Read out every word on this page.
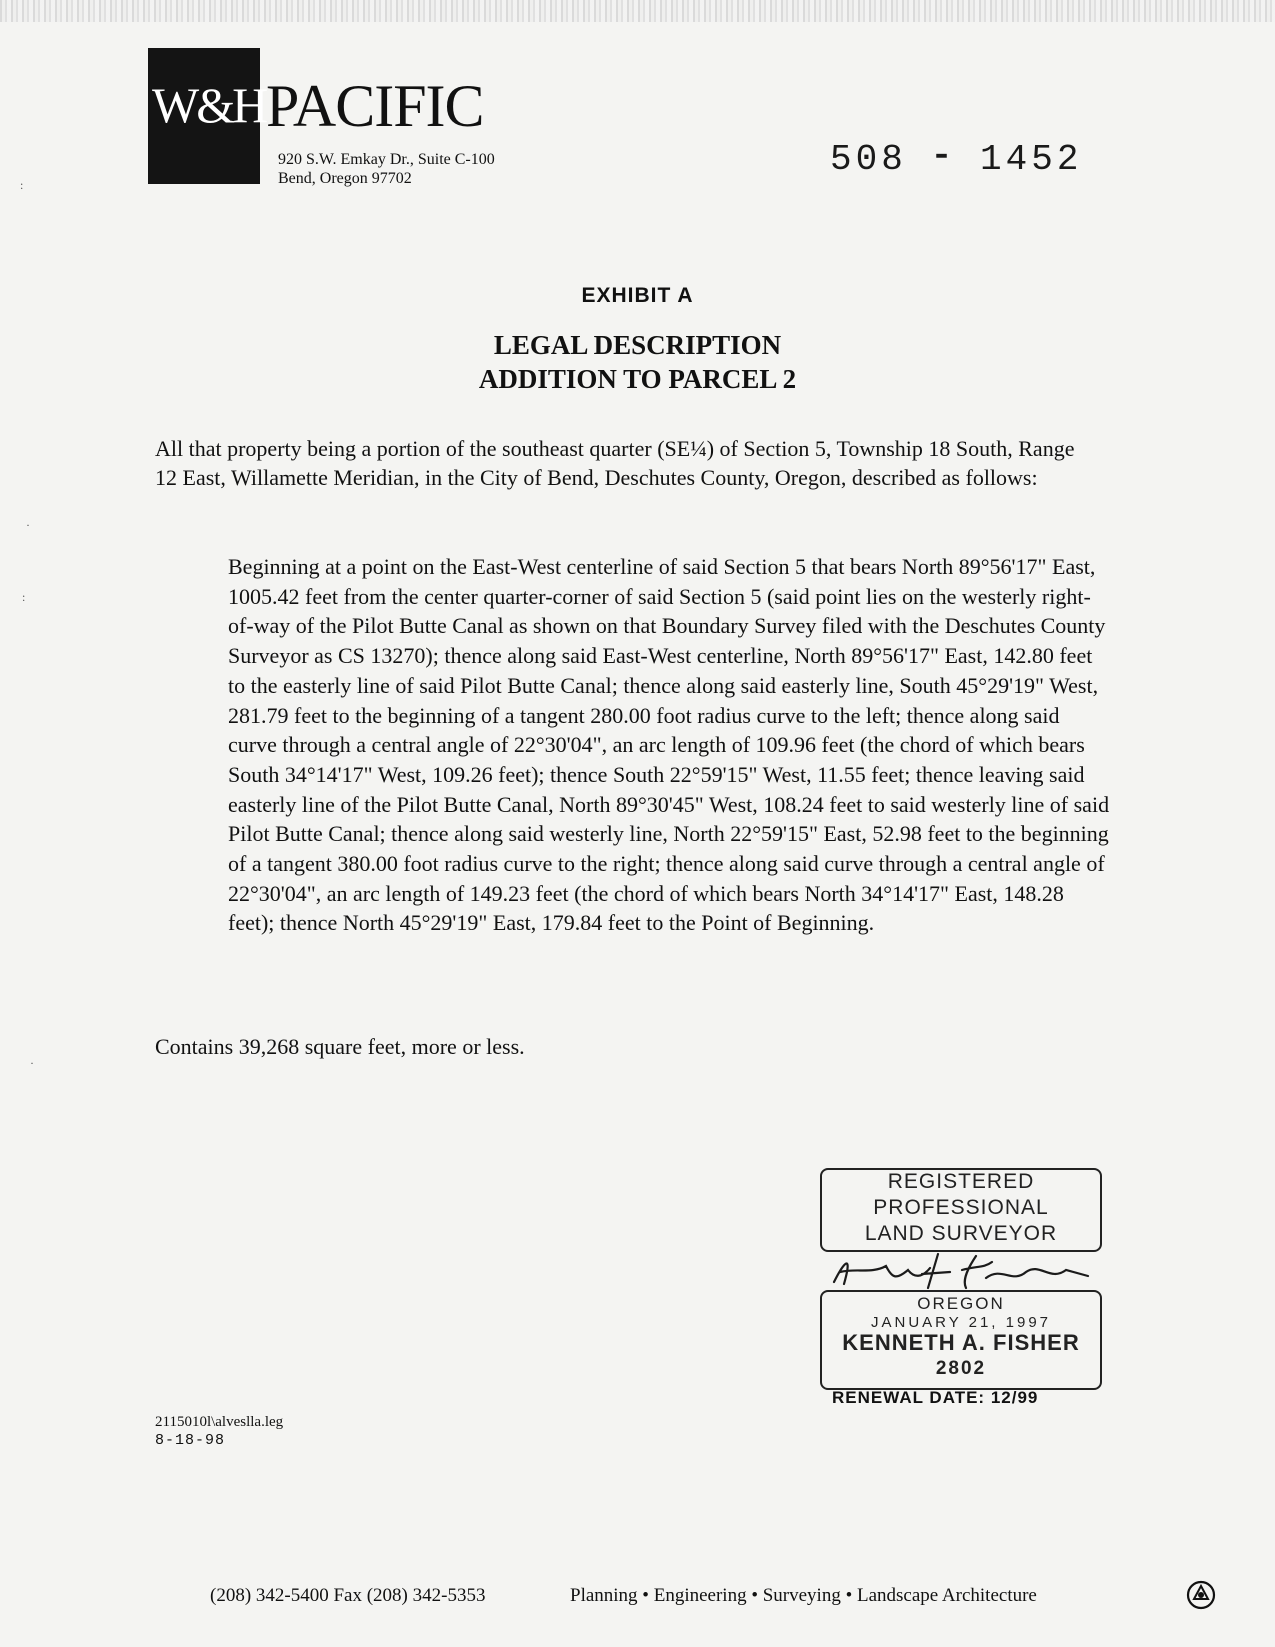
W&H PACIFIC
920 S.W. Emkay Dr., Suite C-100
Bend, Oregon 97702	508 ⁃ 1452
EXHIBIT A
LEGAL DESCRIPTION
ADDITION TO PARCEL 2
All that property being a portion of the southeast quarter (SE¼) of Section 5, Township 18 South, Range 12 East, Willamette Meridian, in the City of Bend, Deschutes County, Oregon, described as follows:
Beginning at a point on the East-West centerline of said Section 5 that bears North 89°56'17" East, 1005.42 feet from the center quarter-corner of said Section 5 (said point lies on the westerly right-of-way of the Pilot Butte Canal as shown on that Boundary Survey filed with the Deschutes County Surveyor as CS 13270); thence along said East-West centerline, North 89°56'17" East, 142.80 feet to the easterly line of said Pilot Butte Canal; thence along said easterly line, South 45°29'19" West, 281.79 feet to the beginning of a tangent 280.00 foot radius curve to the left; thence along said curve through a central angle of 22°30'04", an arc length of 109.96 feet (the chord of which bears South 34°14'17" West, 109.26 feet); thence South 22°59'15" West, 11.55 feet; thence leaving said easterly line of the Pilot Butte Canal, North 89°30'45" West, 108.24 feet to said westerly line of said Pilot Butte Canal; thence along said westerly line, North 22°59'15" East, 52.98 feet to the beginning of a tangent 380.00 foot radius curve to the right; thence along said curve through a central angle of 22°30'04", an arc length of 149.23 feet (the chord of which bears North 34°14'17" East, 148.28 feet); thence North 45°29'19" East, 179.84 feet to the Point of Beginning.
Contains 39,268 square feet, more or less.
REGISTERED
PROFESSIONAL
LAND SURVEYOR
OREGON
JANUARY 21, 1997
KENNETH A. FISHER
2802
RENEWAL DATE: 12/99
2115010l\alveslla.leg
8-18-98
(208) 342-5400 Fax (208) 342-5353	Planning • Engineering • Surveying • Landscape Architecture
:
·
:
·
